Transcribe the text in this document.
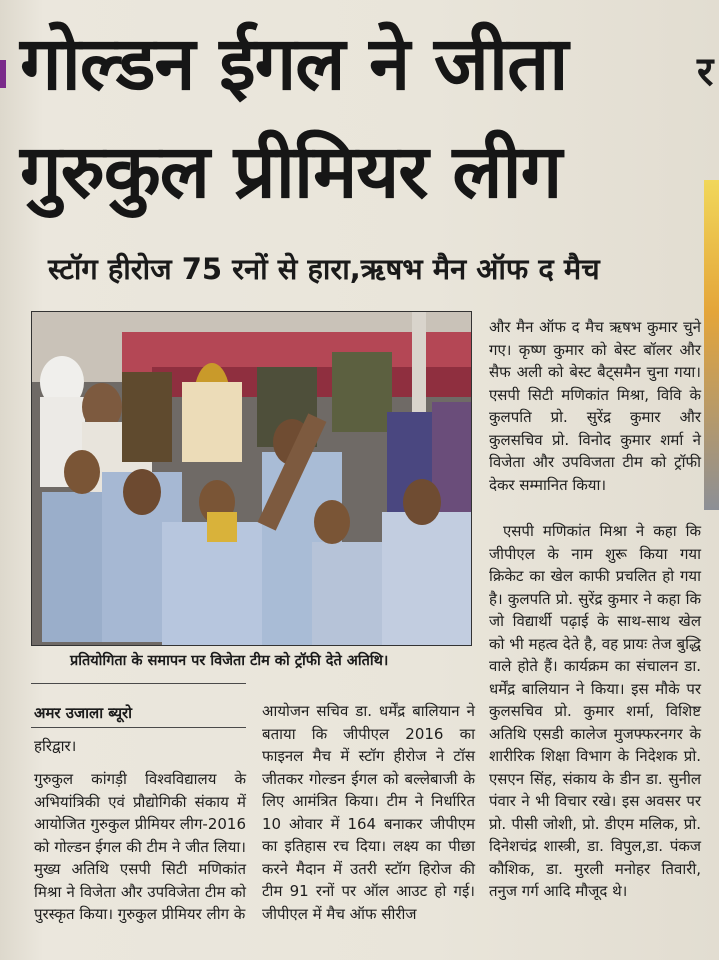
र
गोल्डन ईगल ने जीता
गुरुकुल प्रीमियर लीग
स्टॉग हीरोज 75 रनों से हारा,ऋषभ मैन ऑफ द मैच
प्रतियोगिता के समापन पर विजेता टीम को ट्रॉफी देते अतिथि।
अमर उजाला ब्यूरो
हरिद्वार।
गुरुकुल कांगड़ी विश्वविद्यालय के अभियांत्रिकी एवं प्रौद्योगिकी संकाय में आयोजित गुरुकुल प्रीमियर लीग-2016 को गोल्डन ईगल की टीम ने जीत लिया। मुख्य अतिथि एसपी सिटी मणिकांत मिश्रा ने विजेता और उपविजेता टीम को पुरस्कृत किया। गुरुकुल प्रीमियर लीग के
आयोजन सचिव डा. धर्मेंद्र बालियान ने बताया कि जीपीएल 2016 का फाइनल मैच में स्टॉग हीरोज ने टॉस जीतकर गोल्डन ईगल को बल्लेबाजी के लिए आमंत्रित किया। टीम ने निर्धारित 10 ओवार में 164 बनाकर जीपीएम का इतिहास रच दिया। लक्ष्य का पीछा करने मैदान में उतरी स्टॉग हिरोज की टीम 91 रनों पर ऑल आउट हो गई। जीपीएल में मैच ऑफ सीरीज
और मैन ऑफ द मैच ऋषभ कुमार चुने गए। कृष्ण कुमार को बेस्ट बॉलर और सैफ अली को बेस्ट बैट्समैन चुना गया। एसपी सिटी मणिकांत मिश्रा, विवि के कुलपति प्रो. सुरेंद्र कुमार और कुलसचिव प्रो. विनोद कुमार शर्मा ने विजेता और उपविजता टीम को ट्रॉफी देकर सम्मानित किया।
एसपी मणिकांत मिश्रा ने कहा कि जीपीएल के नाम शुरू किया गया क्रिकेट का खेल काफी प्रचलित हो गया है। कुलपति प्रो. सुरेंद्र कुमार ने कहा कि जो विद्यार्थी पढ़ाई के साथ-साथ खेल को भी महत्व देते है, वह प्रायः तेज बुद्धि वाले होते हैं। कार्यक्रम का संचालन डा. धर्मेंद्र बालियान ने किया। इस मौके पर कुलसचिव प्रो. कुमार शर्मा, विशिष्ट अतिथि एसडी कालेज मुजफ्फरनगर के शारीरिक शिक्षा विभाग के निदेशक प्रो. एसएन सिंह, संकाय के डीन डा. सुनील पंवार ने भी विचार रखे। इस अवसर पर प्रो. पीसी जोशी, प्रो. डीएम मलिक, प्रो. दिनेशचंद्र शास्त्री, डा. विपुल,डा. पंकज कौशिक, डा. मुरली मनोहर तिवारी, तनुज गर्ग आदि मौजूद थे।
